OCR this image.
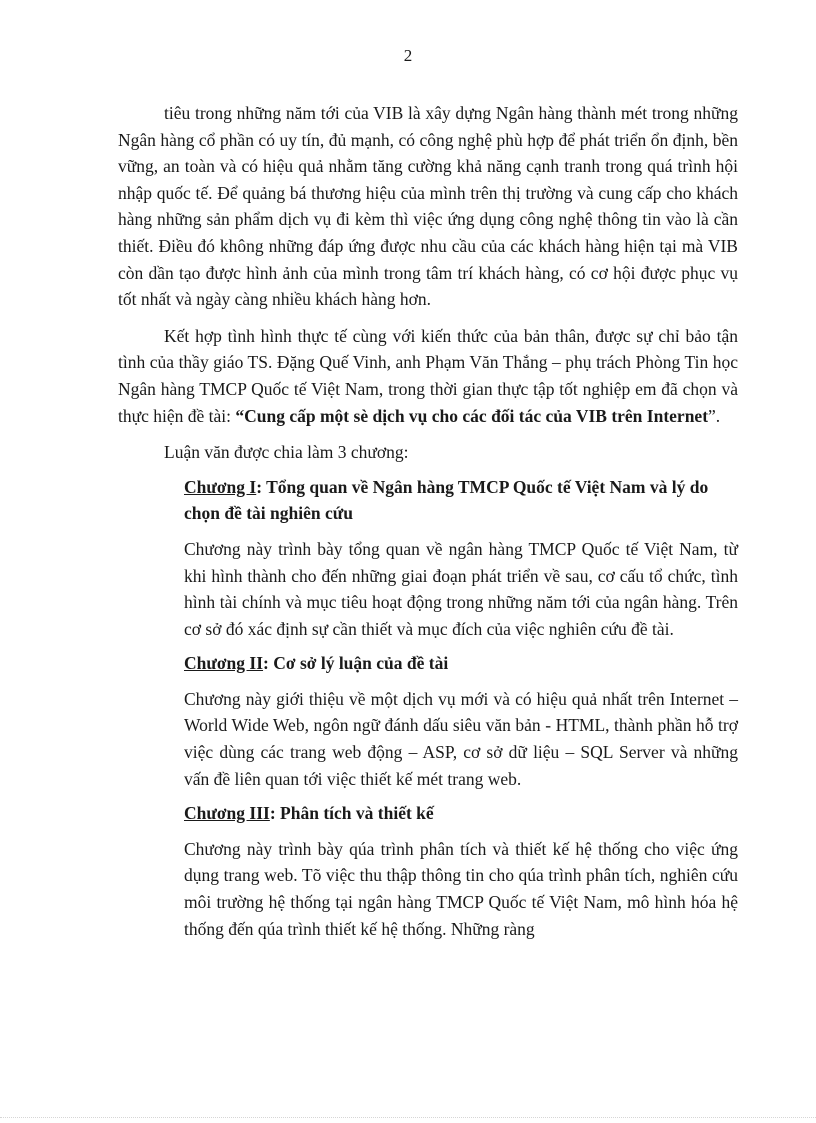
2

tiêu trong những năm tới của VIB là xây dựng Ngân hàng thành mét trong những Ngân hàng cổ phần có uy tín, đủ mạnh, có công nghệ phù hợp để phát triển ổn định, bền vững, an toàn và có hiệu quả nhằm tăng cường khả năng cạnh tranh trong quá trình hội nhập quốc tế. Để quảng bá thương hiệu của mình trên thị trường và cung cấp cho khách hàng những sản phẩm dịch vụ đi kèm thì việc ứng dụng công nghệ thông tin vào là cần thiết. Điều đó không những đáp ứng được nhu cầu của các khách hàng hiện tại mà VIB còn dần tạo được hình ảnh của mình trong tâm trí khách hàng, có cơ hội được phục vụ tốt nhất và ngày càng nhiều khách hàng hơn.

Kết hợp tình hình thực tế cùng với kiến thức của bản thân, được sự chỉ bảo tận tình của thầy giáo TS. Đặng Quế Vinh, anh Phạm Văn Thắng – phụ trách Phòng Tin học Ngân hàng TMCP Quốc tế Việt Nam, trong thời gian thực tập tốt nghiệp em đã chọn và thực hiện đề tài: “Cung cấp một sè dịch vụ cho các đối tác của VIB trên Internet”.

Luận văn được chia làm 3 chương:

Chương I: Tổng quan về Ngân hàng TMCP Quốc tế Việt Nam và lý do chọn đề tài nghiên cứu

Chương này trình bày tổng quan về ngân hàng TMCP Quốc tế Việt Nam, từ khi hình thành cho đến những giai đoạn phát triển về sau, cơ cấu tổ chức, tình hình tài chính và mục tiêu hoạt động trong những năm tới của ngân hàng. Trên cơ sở đó xác định sự cần thiết và mục đích của việc nghiên cứu đề tài.

Chương II: Cơ sở lý luận của đề tài

Chương này giới thiệu về một dịch vụ mới và có hiệu quả nhất trên Internet – World Wide Web, ngôn ngữ đánh dấu siêu văn bản - HTML, thành phần hỗ trợ việc dùng các trang web động – ASP, cơ sở dữ liệu – SQL Server và những vấn đề liên quan tới việc thiết kế mét trang web.

Chương III: Phân tích và thiết kế

Chương này trình bày qúa trình phân tích và thiết kế hệ thống cho việc ứng dụng trang web. Tõ việc thu thập thông tin cho qúa trình phân tích, nghiên cứu môi trường hệ thống tại ngân hàng TMCP Quốc tế Việt Nam, mô hình hóa hệ thống đến qúa trình thiết kế hệ thống. Những ràng
